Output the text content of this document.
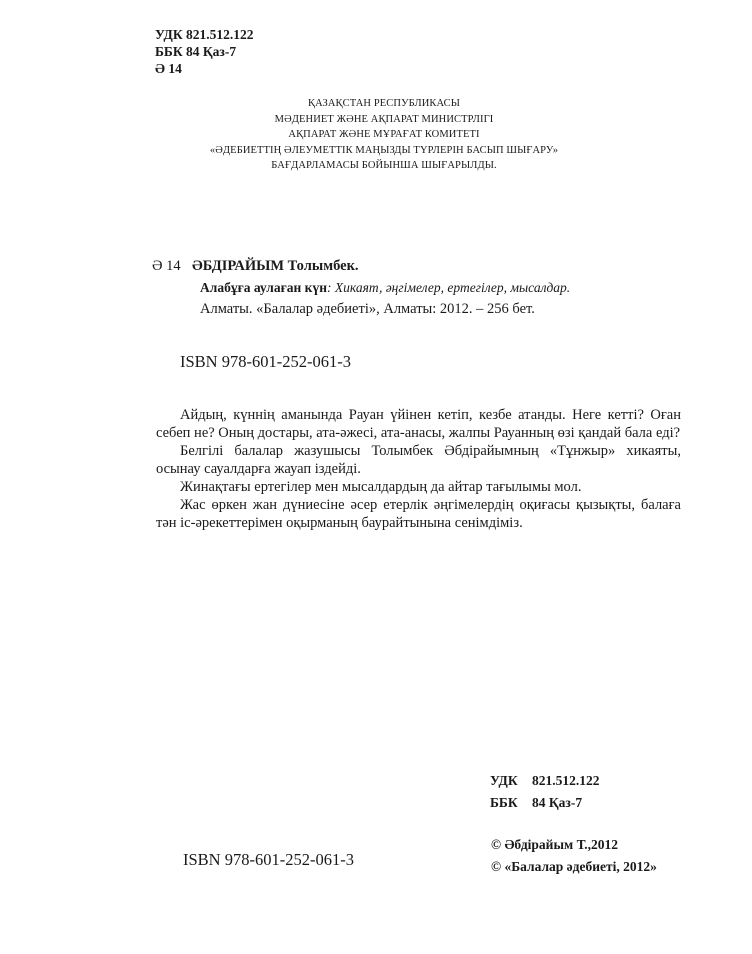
УДК 821.512.122
ББК 84 Қаз-7
Ә 14
ҚАЗАҚСТАН РЕСПУБЛИКАСЫ
МӘДЕНИЕТ ЖӘНЕ АҚПАРАТ МИНИСТРЛІГІ
АҚПАРАТ ЖӘНЕ МҰРАҒАТ КОМИТЕТІ
«ӘДЕБИЕТТІҢ ӘЛЕУМЕТТІК МАҢЫЗДЫ ТҮРЛЕРІН БАСЫП ШЫҒАРУ»
БАҒДАРЛАМАСЫ БОЙЫНША ШЫҒАРЫЛДЫ.
Ә 14 ӘБДІРАЙЫМ Толымбек.
Алабұға аулаған күн: Хикаят, әңгімелер, ертегілер, мысалдар.
Алматы. «Балалар әдебиеті», Алматы: 2012. – 256 бет.
ISBN 978-601-252-061-3

Айдың, күннің аманында Рауан үйінен кетіп, кезбе атанды. Неге кетті? Оған себеп не? Оның достары, ата-әжесі, ата-анасы, жалпы Рауанның өзі қандай бала еді?

Белгілі балалар жазушысы Толымбек Әбдірайымның «Тұнжыр» хикаяты, осынау сауалдарға жауап іздейді.

Жинақтағы ертегілер мен мысалдардың да айтар тағылымы мол.

Жас өркен жан дүниесіне әсер етерлік әңгімелердің оқиғасы қызықты, балаға тән іс-әрекеттерімен оқырманың баурайтынына сенімдіміз.

УДК 821.512.122
ББК 84 Қаз-7
© Әбдірайым Т.,2012
© «Балалар әдебиеті, 2012»
ISBN 978-601-252-061-3
